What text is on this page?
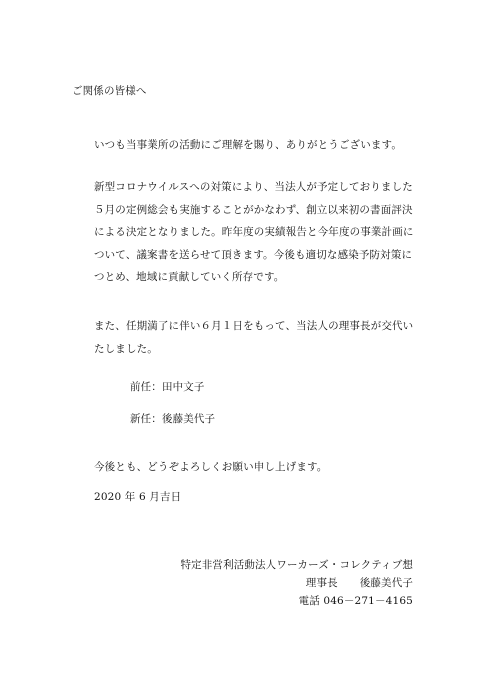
ご関係の皆様へ

いつも当事業所の活動にご理解を賜り、ありがとうございます。

新型コロナウイルスへの対策により、当法人が予定しておりました５月の定例総会も実施することがかなわず、創立以来初の書面評決による決定となりました。昨年度の実績報告と今年度の事業計画について、議案書を送らせて頂きます。今後も適切な感染予防対策につとめ、地域に貢献していく所存です。

また、任期満了に伴い６月１日をもって、当法人の理事長が交代いたしました。

前任：田中文子

新任：後藤美代子

今後とも、どうぞよろしくお願い申し上げます。

2020 年 6 月吉日

特定非営利活動法人ワーカーズ・コレクティブ想

理事長 後藤美代子

電話 046－271－4165
